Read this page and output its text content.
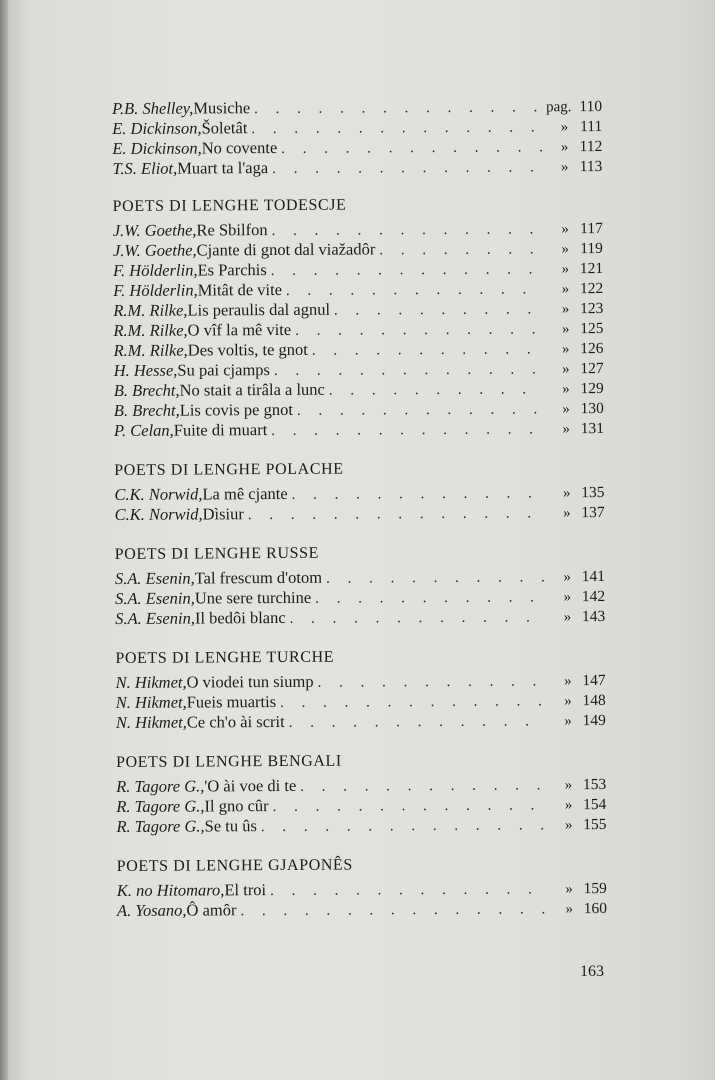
P.B. Shelley, Musiche . . .	pag. 110
E. Dickinson, Šoletât . . .	» 111
E. Dickinson, No covente . . .	» 112
T.S. Eliot, Muart ta l'aga . . .	» 113
POETS DI LENGHE TODESCJE
J.W. Goethe, Re Sbilfon . . .	» 117
J.W. Goethe, Cjante di gnot dal viažadôr . . .	» 119
F. Hölderlin, Es Parchis . . .	» 121
F. Hölderlin, Mitât de vite . . .	» 122
R.M. Rilke, Lis peraulis dal agnul . . .	» 123
R.M. Rilke, O vîf la mê vite . . .	» 125
R.M. Rilke, Des voltis, te gnot . . .	» 126
H. Hesse, Su pai cjamps . . .	» 127
B. Brecht, No stait a tirâla a lunc . . .	» 129
B. Brecht, Lis covis pe gnot . . .	» 130
P. Celan, Fuite di muart . . .	» 131
POETS DI LENGHE POLACHE
C.K. Norwid, La mê cjante . . .	» 135
C.K. Norwid, Dìsiur . . .	» 137
POETS DI LENGHE RUSSE
S.A. Esenin, Tal frescum d'otom . . .	» 141
S.A. Esenin, Une sere turchine . . .	» 142
S.A. Esenin, Il bedôi blanc . . .	» 143
POETS DI LENGHE TURCHE
N. Hikmet, O viodei tun siump . . .	» 147
N. Hikmet, Fueis muartis . . .	» 148
N. Hikmet, Ce ch'o ài scrit . . .	» 149
POETS DI LENGHE BENGALI
R. Tagore G., 'O ài voe di te . . .	» 153
R. Tagore G., Il gno cûr . . .	» 154
R. Tagore G., Se tu ûs . . .	» 155
POETS DI LENGHE GJAPONÊS
K. no Hitomaro, El troi . . .	» 159
A. Yosano, Ô amôr . . .	» 160
163
